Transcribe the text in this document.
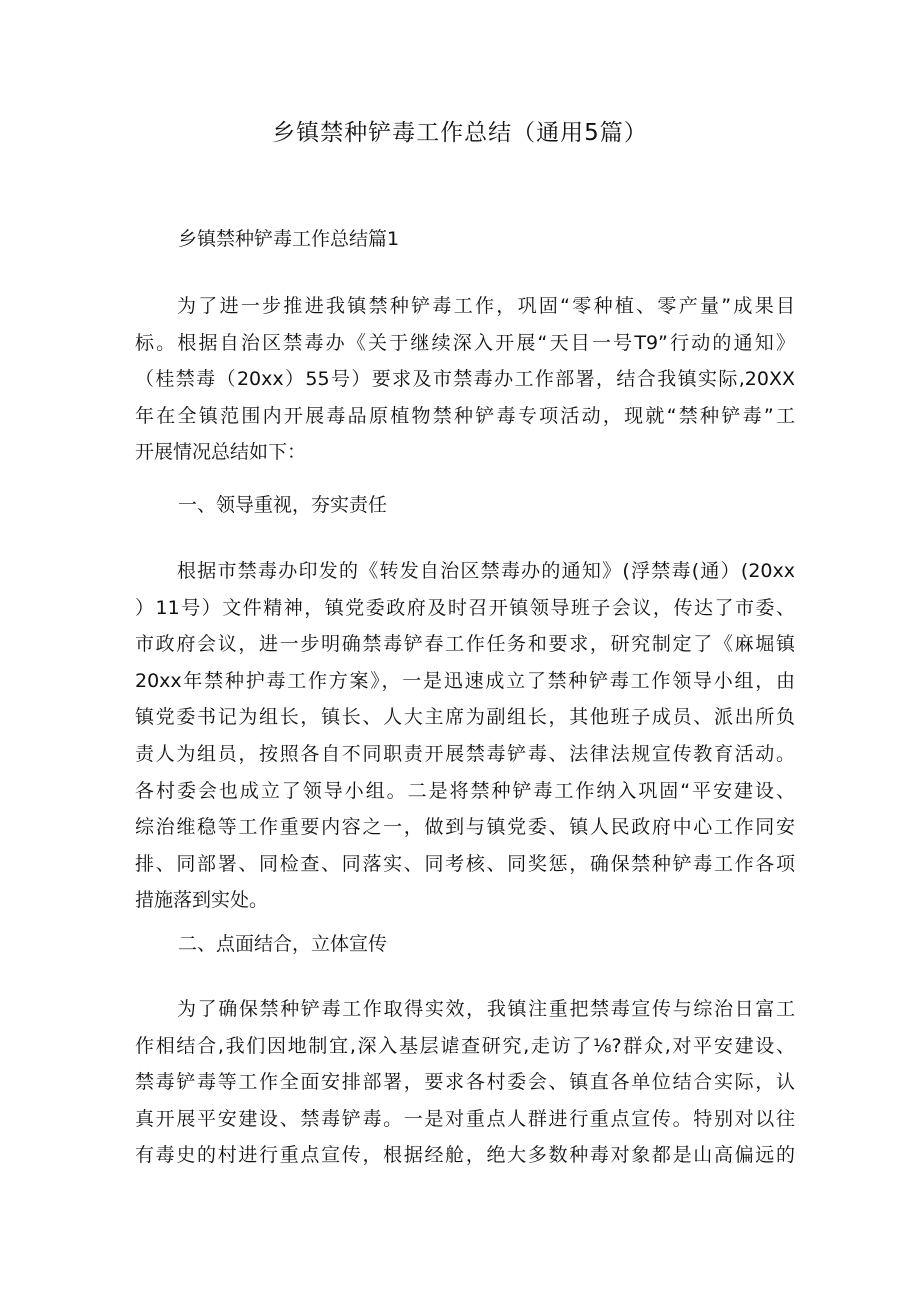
乡镇禁种铲毒工作总结（通用5篇）
乡镇禁种铲毒工作总结篇1
为了进一步推进我镇禁种铲毒工作，巩固“零种植、零产量”成果目
标。根据自治区禁毒办《关于继续深入开展“天目一号T9”行动的通知》
（桂禁毒（20xx）55号）要求及市禁毒办工作部署，结合我镇实际,20XX
年在全镇范围内开展毒品原植物禁种铲毒专项活动，现就“禁种铲毒”工
开展情况总结如下：
一、领导重视，夯实责任
根据市禁毒办印发的《转发自治区禁毒办的通知》(浮禁毒(通）(20xx
）11号）文件精神，镇党委政府及时召开镇领导班子会议，传达了市委、
市政府会议，进一步明确禁毒铲春工作任务和要求，研究制定了《麻堀镇
20xx年禁种护毒工作方案》，一是迅速成立了禁种铲毒工作领导小组，由
镇党委书记为组长，镇长、人大主席为副组长，其他班子成员、派出所负
责人为组员，按照各自不同职责开展禁毒铲毒、法律法规宣传教育活动。
各村委会也成立了领导小组。二是将禁种铲毒工作纳入巩固“平安建设、
综治维稳等工作重要内容之一，做到与镇党委、镇人民政府中心工作同安
排、同部署、同检查、同落实、同考核、同奖惩，确保禁种铲毒工作各项
措施落到实处。
二、点面结合，立体宣传
为了确保禁种铲毒工作取得实效，我镇注重把禁毒宣传与综治日富工
作相结合,我们因地制宜,深入基层谑查研究,走访了⅛?群众,对平安建设、
禁毒铲毒等工作全面安排部署，要求各村委会、镇直各单位结合实际，认
真开展平安建设、禁毒铲毒。一是对重点人群进行重点宣传。特别对以往
有毒史的村进行重点宣传，根据经舱，绝大多数种毒对象都是山高偏远的
